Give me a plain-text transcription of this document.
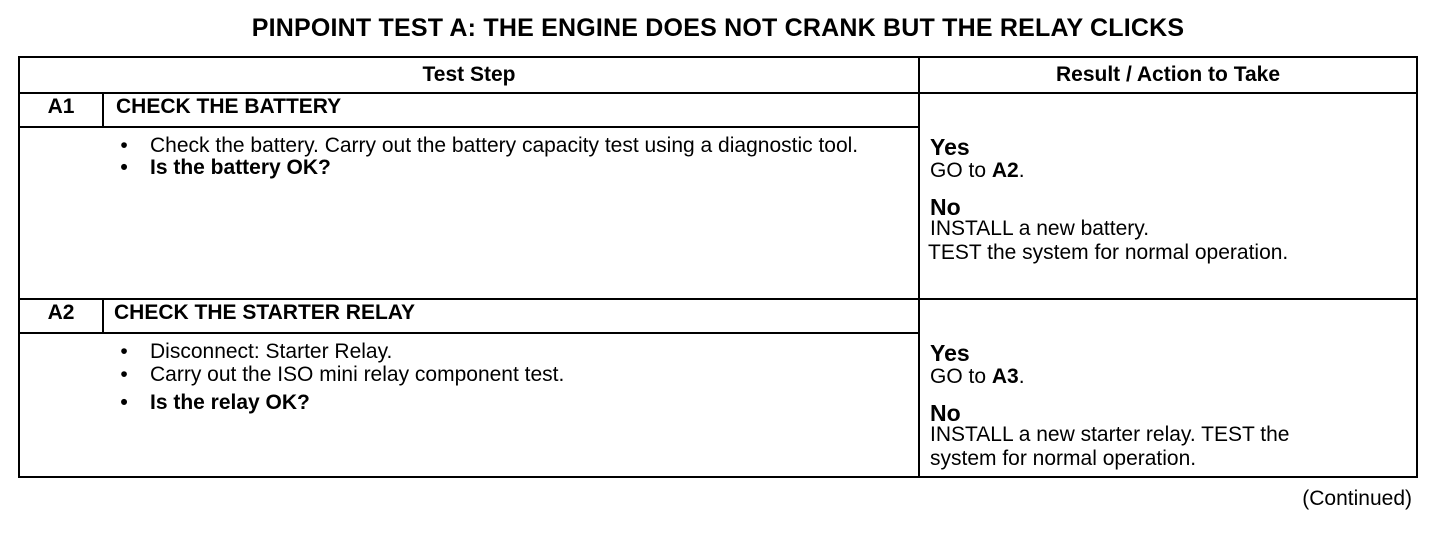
PINPOINT TEST A: THE ENGINE DOES NOT CRANK BUT THE RELAY CLICKS
Test Step	Result / Action to Take
A1	CHECK THE BATTERY
•	Check the battery. Carry out the battery capacity test using a diagnostic tool.
•	Is the battery OK?
Yes
GO to A2.
No
INSTALL a new battery.
TEST the system for normal operation.
A2	CHECK THE STARTER RELAY
•	Disconnect: Starter Relay.
•	Carry out the ISO mini relay component test.
•	Is the relay OK?
Yes
GO to A3.
No
INSTALL a new starter relay. TEST the
system for normal operation.
(Continued)
